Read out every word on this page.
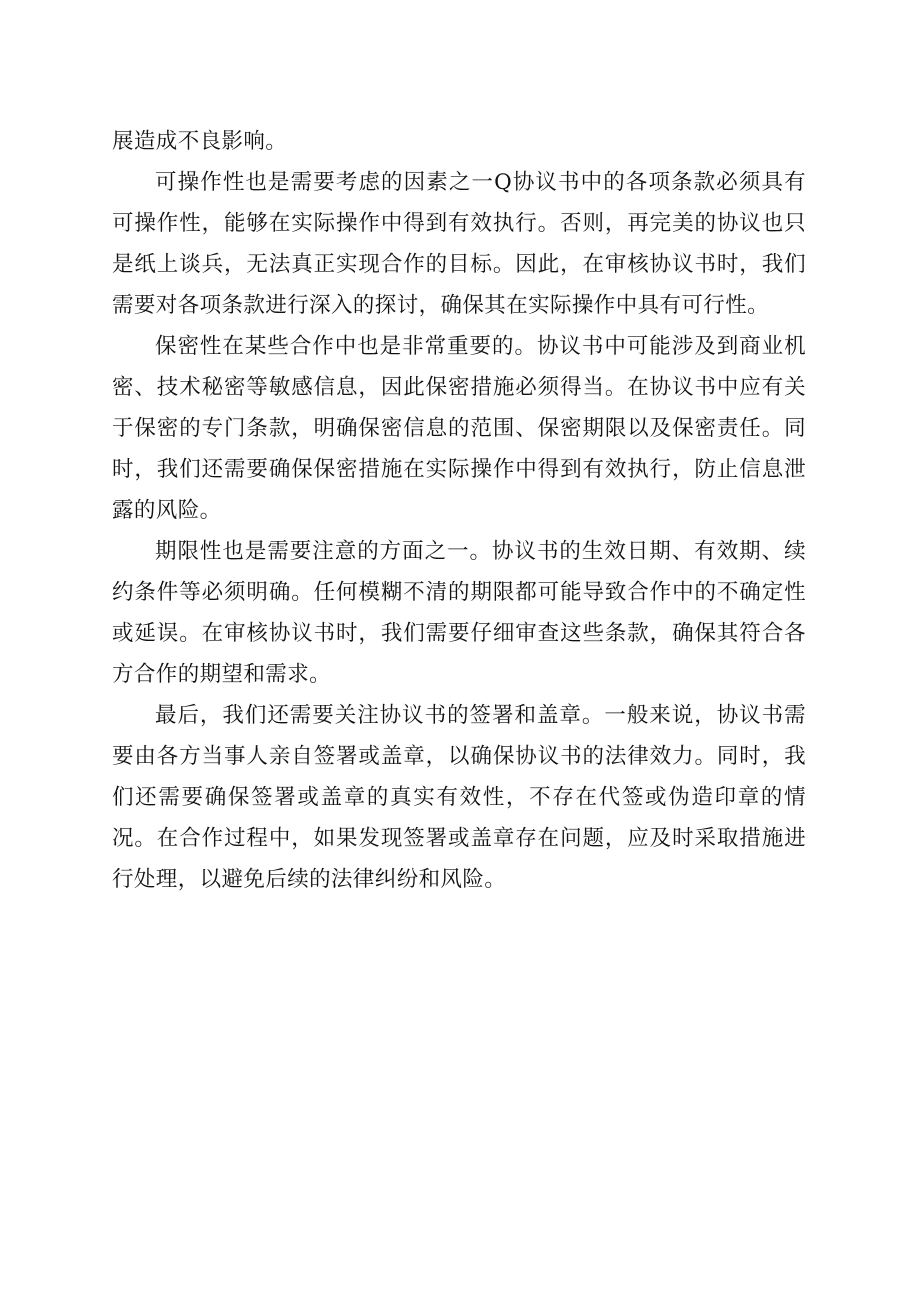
展造成不良影响。

可操作性也是需要考虑的因素之一Q协议书中的各项条款必须具有可操作性，能够在实际操作中得到有效执行。否则，再完美的协议也只是纸上谈兵，无法真正实现合作的目标。因此，在审核协议书时，我们需要对各项条款进行深入的探讨，确保其在实际操作中具有可行性。

保密性在某些合作中也是非常重要的。协议书中可能涉及到商业机密、技术秘密等敏感信息，因此保密措施必须得当。在协议书中应有关于保密的专门条款，明确保密信息的范围、保密期限以及保密责任。同时，我们还需要确保保密措施在实际操作中得到有效执行，防止信息泄露的风险。

期限性也是需要注意的方面之一。协议书的生效日期、有效期、续约条件等必须明确。任何模糊不清的期限都可能导致合作中的不确定性或延误。在审核协议书时，我们需要仔细审查这些条款，确保其符合各方合作的期望和需求。

最后，我们还需要关注协议书的签署和盖章。一般来说，协议书需要由各方当事人亲自签署或盖章，以确保协议书的法律效力。同时，我们还需要确保签署或盖章的真实有效性，不存在代签或伪造印章的情况。在合作过程中，如果发现签署或盖章存在问题，应及时采取措施进行处理，以避免后续的法律纠纷和风险。
